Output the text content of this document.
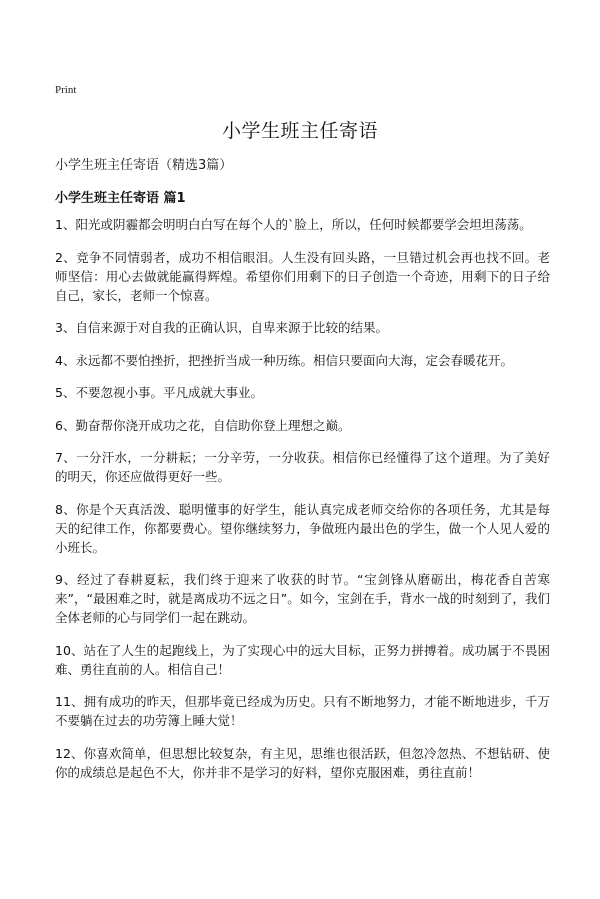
Print
小学生班主任寄语
小学生班主任寄语（精选3篇）
小学生班主任寄语 篇1

1、阳光或阴霾都会明明白白写在每个人的`脸上，所以，任何时候都要学会坦坦荡荡。

2、竞争不同情弱者，成功不相信眼泪。人生没有回头路，一旦错过机会再也找不回。老师坚信：用心去做就能赢得辉煌。希望你们用剩下的日子创造一个奇迹，用剩下的日子给自己，家长，老师一个惊喜。

3、自信来源于对自我的正确认识，自卑来源于比较的结果。

4、永远都不要怕挫折，把挫折当成一种历练。相信只要面向大海，定会春暖花开。

5、不要忽视小事。平凡成就大事业。

6、勤奋帮你浇开成功之花，自信助你登上理想之巅。

7、一分汗水，一分耕耘；一分辛劳，一分收获。相信你已经懂得了这个道理。为了美好的明天，你还应做得更好一些。

8、你是个天真活泼、聪明懂事的好学生，能认真完成老师交给你的各项任务，尤其是每天的纪律工作，你都要费心。望你继续努力，争做班内最出色的学生，做一个人见人爱的小班长。

9、经过了春耕夏耘，我们终于迎来了收获的时节。“宝剑锋从磨砺出，梅花香自苦寒来”，“最困难之时，就是离成功不远之日”。如今，宝剑在手，背水一战的时刻到了，我们全体老师的心与同学们一起在跳动。

10、站在了人生的起跑线上，为了实现心中的远大目标，正努力拼搏着。成功属于不畏困难、勇往直前的人。相信自己！

11、拥有成功的昨天，但那毕竟已经成为历史。只有不断地努力，才能不断地进步，千万不要躺在过去的功劳簿上睡大觉！

12、你喜欢简单，但思想比较复杂，有主见，思维也很活跃，但忽冷忽热、不想钻研、使你的成绩总是起色不大，你并非不是学习的好料，望你克服困难，勇往直前！
